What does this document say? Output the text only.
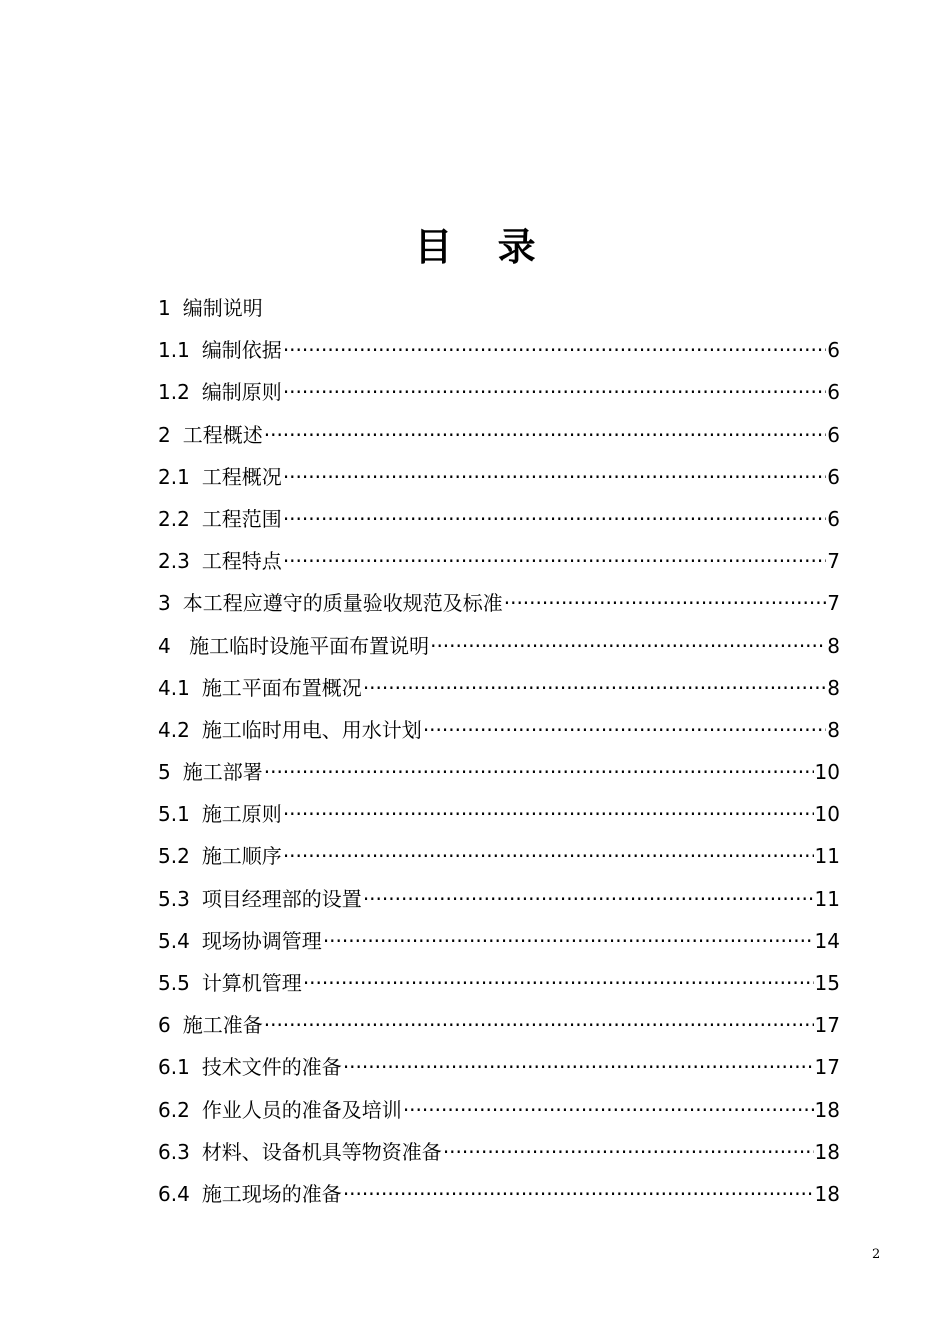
目 录
1 编制说明
1.1 编制依据 ·····	6
1.2 编制原则 ·····	6
2 工程概述 ·····	6
2.1 工程概况 ·····	6
2.2 工程范围 ·····	6
2.3 工程特点 ·····	7
3 本工程应遵守的质量验收规范及标准 ·····	7
4 施工临时设施平面布置说明 ·····	8
4.1 施工平面布置概况 ·····	8
4.2 施工临时用电、用水计划 ·····	8
5 施工部署 ·····	10
5.1 施工原则 ·····	10
5.2 施工顺序 ·····	11
5.3 项目经理部的设置 ·····	11
5.4 现场协调管理 ·····	14
5.5 计算机管理 ·····	15
6 施工准备 ·····	17
6.1 技术文件的准备 ·····	17
6.2 作业人员的准备及培训 ·····	18
6.3 材料、设备机具等物资准备 ·····	18
6.4 施工现场的准备 ·····	18
2
